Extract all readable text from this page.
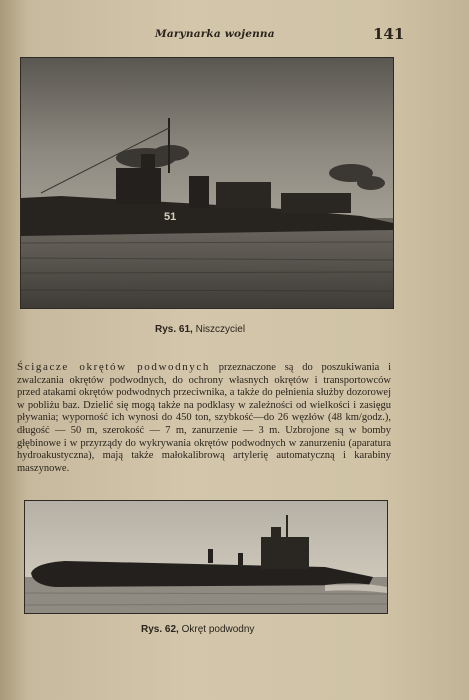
Marynarka wojenna	141
51
Rys. 61, Niszczyciel
Ścigacze okrętów podwodnych przeznaczone są do poszukiwania i zwalczania okrętów podwodnych, do ochrony własnych okrętów i transportowców przed atakami okrętów podwodnych przeciwnika, a także do pełnienia służby dozorowej w pobliżu baz. Dzielić się mogą także na podklasy w zależności od wielkości i zasięgu pływania; wyporność ich wynosi do 450 ton, szybkość—do 26 węzłów (48 km/godz.), długość — 50 m, szerokość — 7 m, zanurzenie — 3 m. Uzbrojone są w bomby głębinowe i w przyrządy do wykrywania okrętów podwodnych w zanurzeniu (aparatura hydroakustyczna), mają także małokalibrową artylerię automatyczną i karabiny maszynowe.
Rys. 62, Okręt podwodny
